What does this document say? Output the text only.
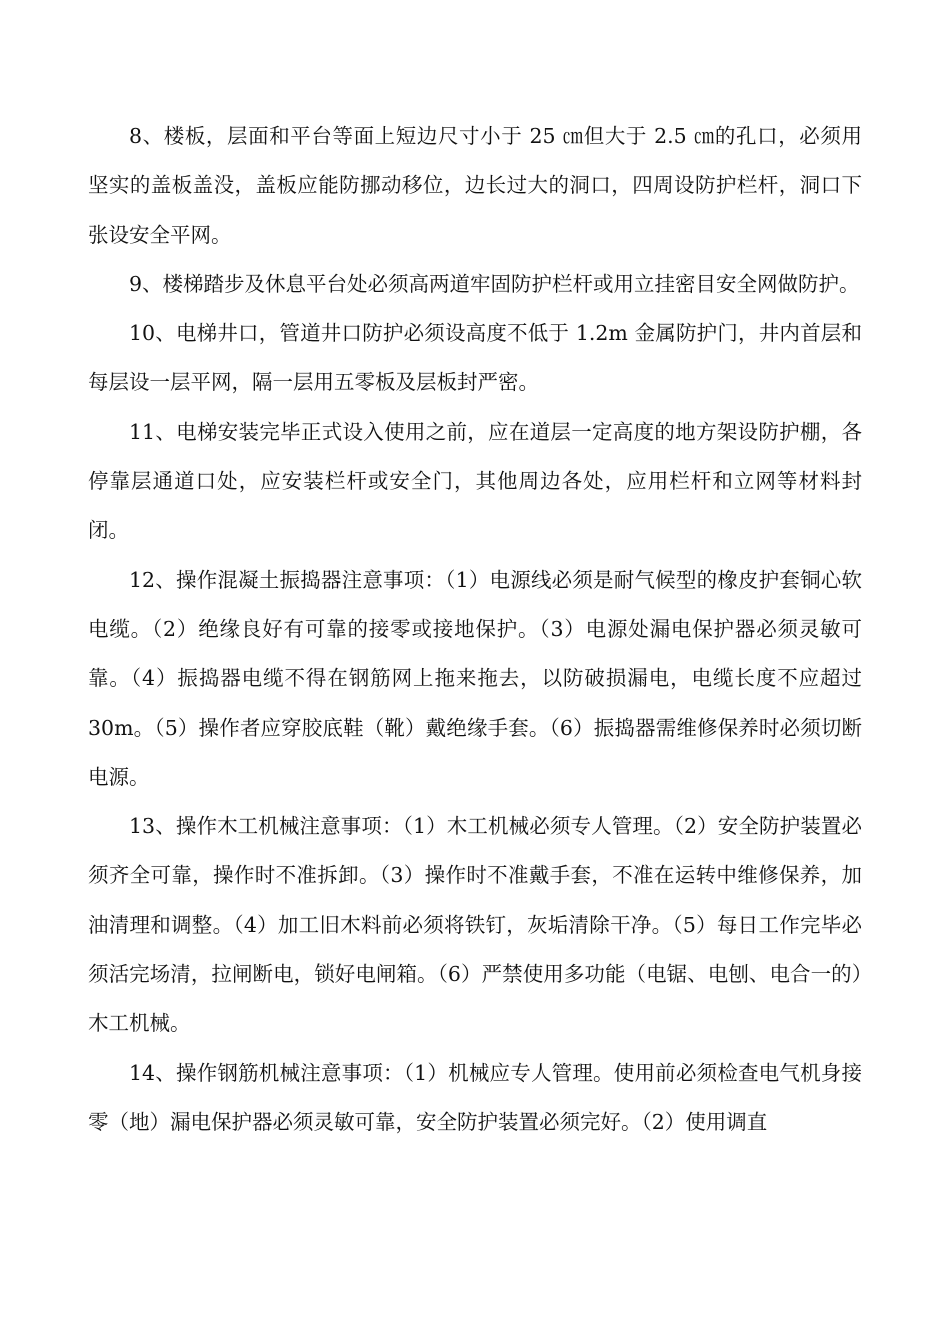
8、楼板，层面和平台等面上短边尺寸小于 25 ㎝但大于 2.5 ㎝的孔口，必须用坚实的盖板盖没，盖板应能防挪动移位，边长过大的洞口，四周设防护栏杆，洞口下张设安全平网。

9、楼梯踏步及休息平台处必须高两道牢固防护栏杆或用立挂密目安全网做防护。

10、电梯井口，管道井口防护必须设高度不低于 1.2m 金属防护门，井内首层和每层设一层平网，隔一层用五零板及层板封严密。

11、电梯安装完毕正式设入使用之前，应在道层一定高度的地方架设防护棚，各停靠层通道口处，应安装栏杆或安全门，其他周边各处，应用栏杆和立网等材料封闭。

12、操作混凝土振捣器注意事项：（1）电源线必须是耐气候型的橡皮护套铜心软电缆。（2）绝缘良好有可靠的接零或接地保护。（3）电源处漏电保护器必须灵敏可靠。（4）振捣器电缆不得在钢筋网上拖来拖去，以防破损漏电，电缆长度不应超过 30m。（5）操作者应穿胶底鞋（靴）戴绝缘手套。（6）振捣器需维修保养时必须切断电源。

13、操作木工机械注意事项：（1）木工机械必须专人管理。（2）安全防护装置必须齐全可靠，操作时不准拆卸。（3）操作时不准戴手套，不准在运转中维修保养，加油清理和调整。（4）加工旧木料前必须将铁钉，灰垢清除干净。（5）每日工作完毕必须活完场清，拉闸断电，锁好电闸箱。（6）严禁使用多功能（电锯、电刨、电合一的）木工机械。

14、操作钢筋机械注意事项：（1）机械应专人管理。使用前必须检查电气机身接零（地）漏电保护器必须灵敏可靠，安全防护装置必须完好。（2）使用调直
